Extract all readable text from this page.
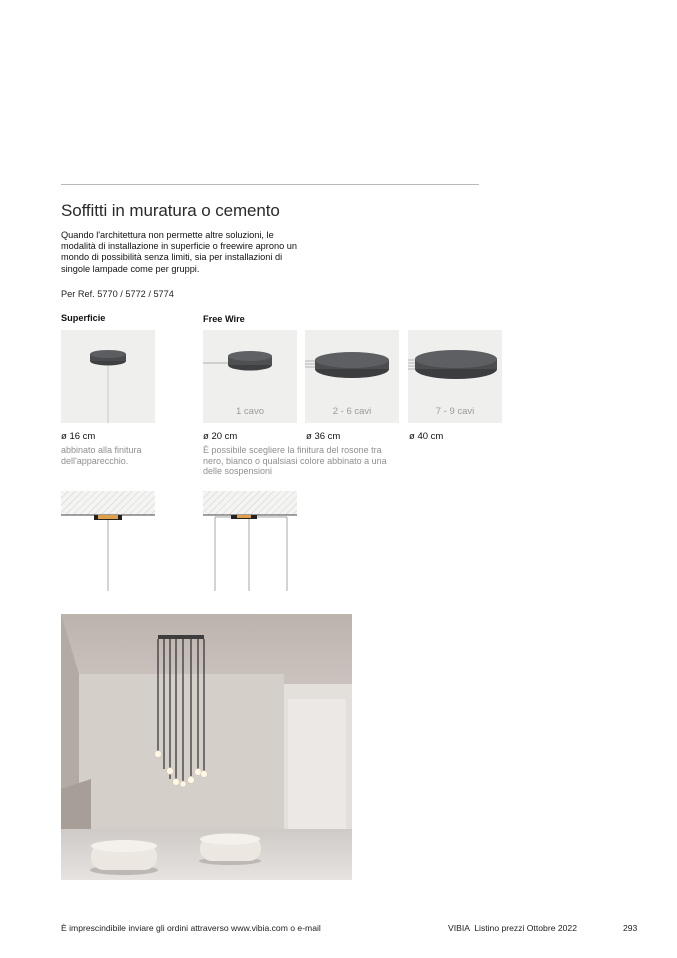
Soffitti in muratura o cemento
Quando l'architettura non permette altre soluzioni, le modalità di installazione in superficie o freewire aprono un mondo di possibilità senza limiti, sia per installazioni di singole lampade come per gruppi.
Per Ref. 5770 / 5772 / 5774
Superficie
ø 16 cm
abbinato alla finitura dell'apparecchio.
Free Wire
1 cavo	2 - 6 cavi	7 - 9 cavi
ø 20 cm	ø 36 cm	ø 40 cm
È possibile scegliere la finitura del rosone tra nero, bianco o qualsiasi colore abbinato a una delle sospensioni
È imprescindibile inviare gli ordini attraverso www.vibia.com o e-mail	VIBIA  Listino prezzi Ottobre 2022	293
